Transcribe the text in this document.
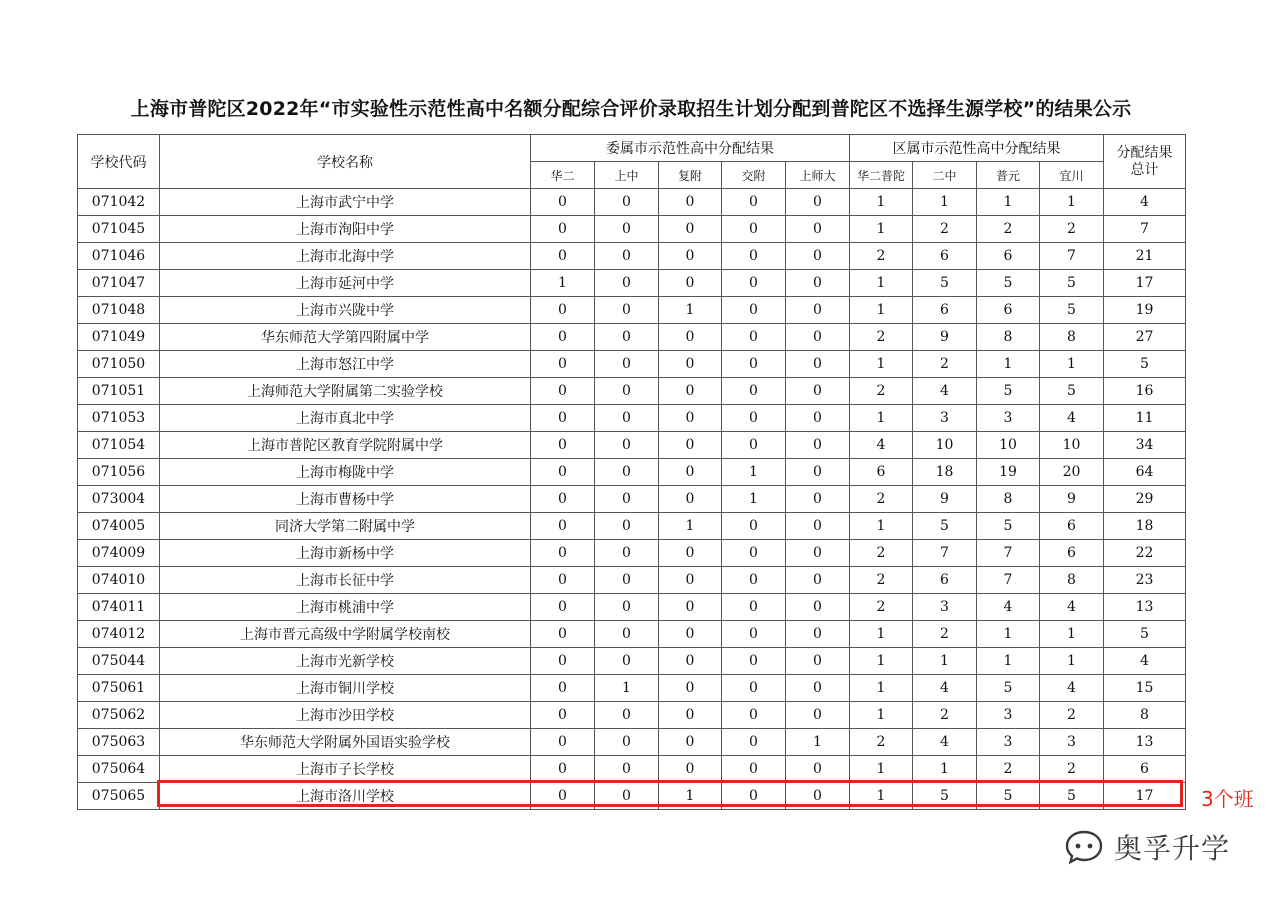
上海市普陀区2022年“市实验性示范性高中名额分配综合评价录取招生计划分配到普陀区不选择生源学校”的结果公示
学校代码	学校名称	委属市示范性高中分配结果					区属市示范性高中分配结果				分配结果总计
		华二	上中	复附	交附	上师大	华二普陀	二中	普元	宜川	
071042	上海市武宁中学	0	0	0	0	0	1	1	1	1	4
071045	上海市洵阳中学	0	0	0	0	0	1	2	2	2	7
071046	上海市北海中学	0	0	0	0	0	2	6	6	7	21
071047	上海市延河中学	1	0	0	0	0	1	5	5	5	17
071048	上海市兴陇中学	0	0	1	0	0	1	6	6	5	19
071049	华东师范大学第四附属中学	0	0	0	0	0	2	9	8	8	27
071050	上海市怒江中学	0	0	0	0	0	1	2	1	1	5
071051	上海师范大学附属第二实验学校	0	0	0	0	0	2	4	5	5	16
071053	上海市真北中学	0	0	0	0	0	1	3	3	4	11
071054	上海市普陀区教育学院附属中学	0	0	0	0	0	4	10	10	10	34
071056	上海市梅陇中学	0	0	0	1	0	6	18	19	20	64
073004	上海市曹杨中学	0	0	0	1	0	2	9	8	9	29
074005	同济大学第二附属中学	0	0	1	0	0	1	5	5	6	18
074009	上海市新杨中学	0	0	0	0	0	2	7	7	6	22
074010	上海市长征中学	0	0	0	0	0	2	6	7	8	23
074011	上海市桃浦中学	0	0	0	0	0	2	3	4	4	13
074012	上海市晋元高级中学附属学校南校	0	0	0	0	0	1	2	1	1	5
075044	上海市光新学校	0	0	0	0	0	1	1	1	1	4
075061	上海市铜川学校	0	1	0	0	0	1	4	5	4	15
075062	上海市沙田学校	0	0	0	0	0	1	2	3	2	8
075063	华东师范大学附属外国语实验学校	0	0	0	0	1	2	4	3	3	13
075064	上海市子长学校	0	0	0	0	0	1	1	2	2	6
075065	上海市洛川学校	0	0	1	0	0	1	5	5	5	17 3个班
奥孚升学
